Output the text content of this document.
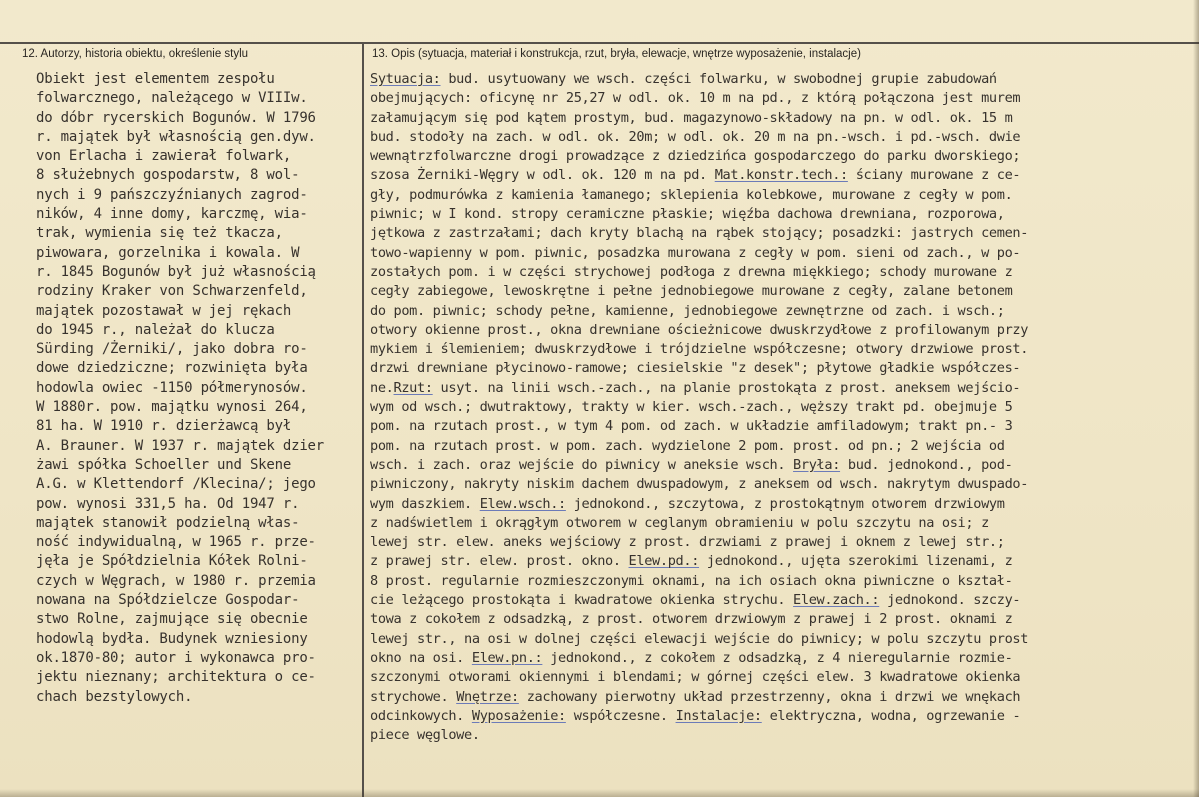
12. Autorzy, historia obiektu, określenie stylu	13. Opis (sytuacja, materiał i konstrukcja, rzut, bryła, elewacje, wnętrze wyposażenie, instalacje)
Obiekt jest elementem zespołu
folwarcznego, należącego w VIIIw.
do dóbr rycerskich Bogunów. W 1796
r. majątek był własnością gen.dyw.
von Erlacha i zawierał folwark,
8 służebnych gospodarstw, 8 wol-
nych i 9 pańszczyźnianych zagrod-
ników, 4 inne domy, karczmę, wia-
trak, wymienia się też tkacza,
piwowara, gorzelnika i kowala. W
r. 1845 Bogunów był już własnością
rodziny Kraker von Schwarzenfeld,
majątek pozostawał w jej rękach
do 1945 r., należał do klucza
Sürding /Żerniki/, jako dobra ro-
dowe dziedziczne; rozwinięta była
hodowla owiec -1150 półmerynosów.
W 1880r. pow. majątku wynosi 264,
81 ha. W 1910 r. dzierżawcą był
A. Brauner. W 1937 r. majątek dzier
żawi spółka Schoeller und Skene
A.G. w Klettendorf /Klecina/; jego
pow. wynosi 331,5 ha. Od 1947 r.
majątek stanowił podzielną włas-
ność indywidualną, w 1965 r. prze-
jęła je Spółdzielnia Kółek Rolni-
czych w Węgrach, w 1980 r. przemia
nowana na Spółdzielcze Gospodar-
stwo Rolne, zajmujące się obecnie
hodowlą bydła. Budynek wzniesiony
ok.1870-80; autor i wykonawca pro-
jektu nieznany; architektura o ce-
chach bezstylowych.
Sytuacja: bud. usytuowany we wsch. części folwarku, w swobodnej grupie zabudowań
obejmujących: oficynę nr 25,27 w odl. ok. 10 m na pd., z którą połączona jest murem
załamującym się pod kątem prostym, bud. magazynowo-składowy na pn. w odl. ok. 15 m
bud. stodoły na zach. w odl. ok. 20m; w odl. ok. 20 m na pn.-wsch. i pd.-wsch. dwie
wewnątrzfolwarczne drogi prowadzące z dziedzińca gospodarczego do parku dworskiego;
szosa Żerniki-Węgry w odl. ok. 120 m na pd. Mat.konstr.tech.: ściany murowane z ce-
gły, podmurówka z kamienia łamanego; sklepienia kolebkowe, murowane z cegły w pom.
piwnic; w I kond. stropy ceramiczne płaskie; więźba dachowa drewniana, rozporowa,
jętkowa z zastrzałami; dach kryty blachą na rąbek stojący; posadzki: jastrych cemen-
towo-wapienny w pom. piwnic, posadzka murowana z cegły w pom. sieni od zach., w po-
zostałych pom. i w części strychowej podłoga z drewna miękkiego; schody murowane z
cegły zabiegowe, lewoskrętne i pełne jednobiegowe murowane z cegły, zalane betonem
do pom. piwnic; schody pełne, kamienne, jednobiegowe zewnętrzne od zach. i wsch.;
otwory okienne prost., okna drewniane ościeżnicowe dwuskrzydłowe z profilowanym przy
mykiem i ślemieniem; dwuskrzydłowe i trójdzielne współczesne; otwory drzwiowe prost.
drzwi drewniane płycinowo-ramowe; ciesielskie "z desek"; płytowe gładkie współczes-
ne.Rzut: usyt. na linii wsch.-zach., na planie prostokąta z prost. aneksem wejścio-
wym od wsch.; dwutraktowy, trakty w kier. wsch.-zach., węższy trakt pd. obejmuje 5
pom. na rzutach prost., w tym 4 pom. od zach. w układzie amfiladowym; trakt pn.- 3
pom. na rzutach prost. w pom. zach. wydzielone 2 pom. prost. od pn.; 2 wejścia od
wsch. i zach. oraz wejście do piwnicy w aneksie wsch. Bryła: bud. jednokond., pod-
piwniczony, nakryty niskim dachem dwuspadowym, z aneksem od wsch. nakrytym dwuspado-
wym daszkiem. Elew.wsch.: jednokond., szczytowa, z prostokątnym otworem drzwiowym
z nadświetlem i okrągłym otworem w ceglanym obramieniu w polu szczytu na osi; z
lewej str. elew. aneks wejściowy z prost. drzwiami z prawej i oknem z lewej str.;
z prawej str. elew. prost. okno. Elew.pd.: jednokond., ujęta szerokimi lizenami, z
8 prost. regularnie rozmieszczonymi oknami, na ich osiach okna piwniczne o kształ-
cie leżącego prostokąta i kwadratowe okienka strychu. Elew.zach.: jednokond. szczy-
towa z cokołem z odsadzką, z prost. otworem drzwiowym z prawej i 2 prost. oknami z
lewej str., na osi w dolnej części elewacji wejście do piwnicy; w polu szczytu prost
okno na osi. Elew.pn.: jednokond., z cokołem z odsadzką, z 4 nieregularnie rozmie-
szczonymi otworami okiennymi i blendami; w górnej części elew. 3 kwadratowe okienka
strychowe. Wnętrze: zachowany pierwotny układ przestrzenny, okna i drzwi we wnękach
odcinkowych. Wyposażenie: współczesne. Instalacje: elektryczna, wodna, ogrzewanie -
piece węglowe.
